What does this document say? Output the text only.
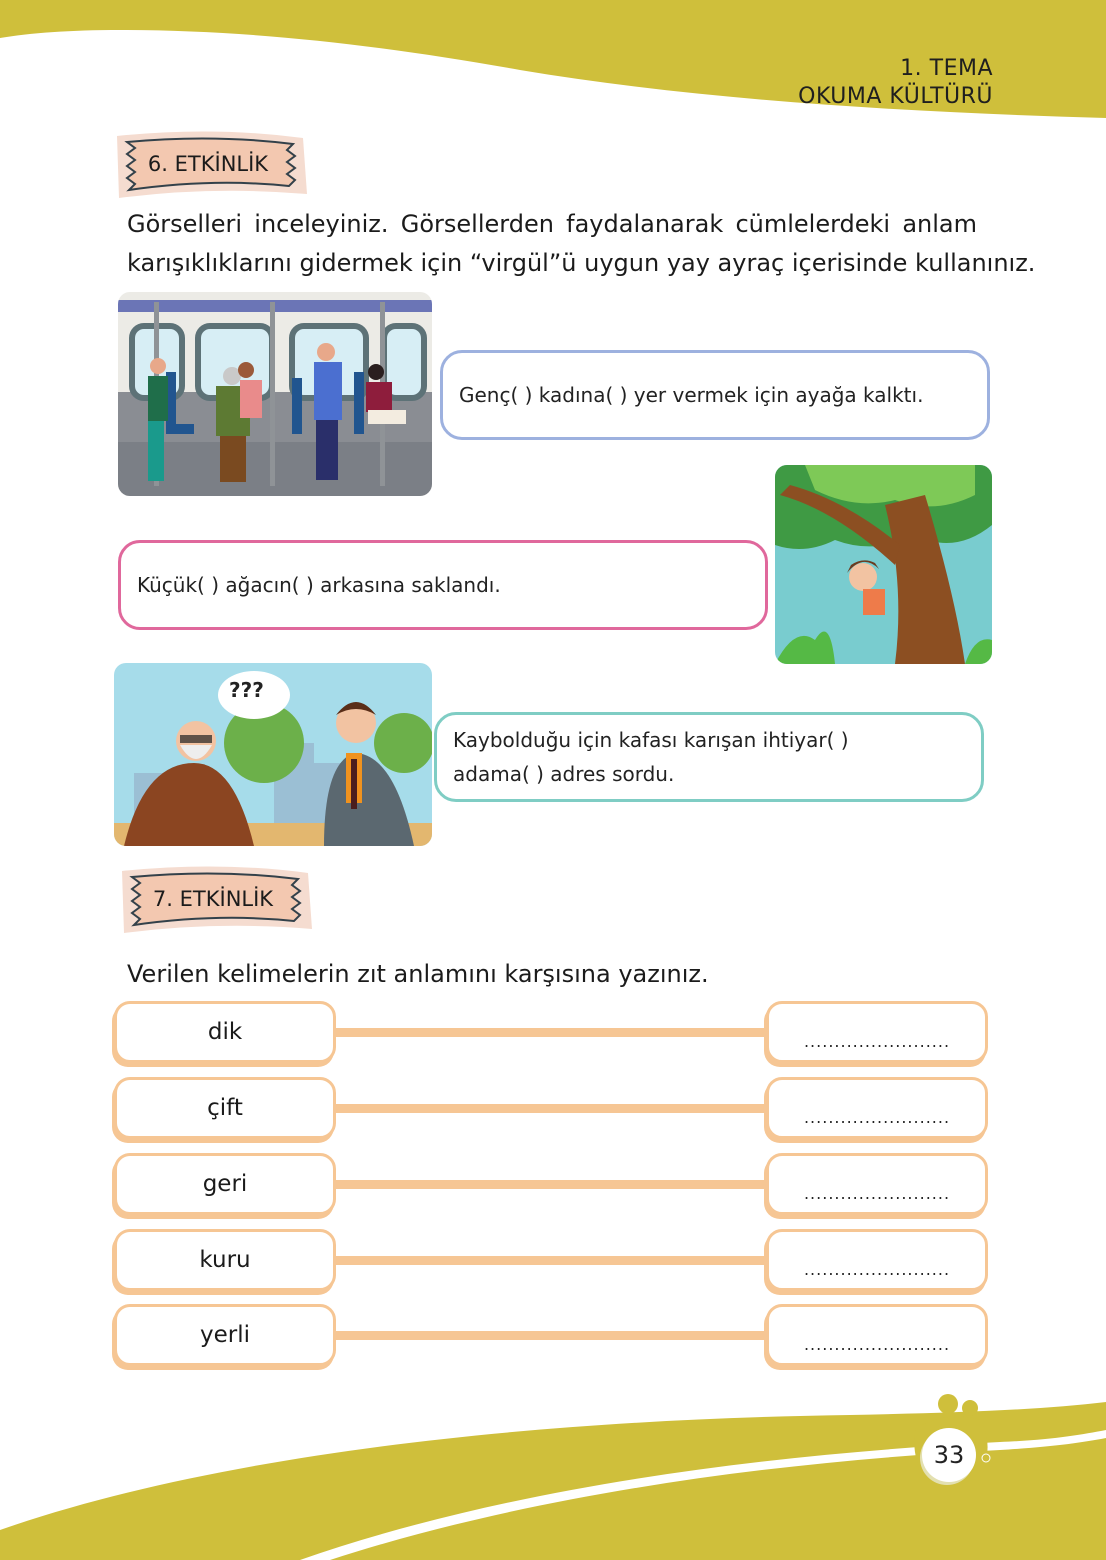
1. TEMA
OKUMA KÜLTÜRÜ
6. ETKİNLİK
Görselleri inceleyiniz. Görsellerden faydalanarak cümlelerdeki anlam
karışıklıklarını gidermek için “virgül”ü uygun yay ayraç içerisinde kullanınız.
Genç( ) kadına( ) yer vermek için ayağa kalktı.
Küçük( ) ağacın( ) arkasına saklandı.
???
Kaybolduğu için kafası karışan ihtiyar( )
adama( ) adres sordu.
7. ETKİNLİK
Verilen kelimelerin zıt anlamını karşısına yazınız.
dik	........................
çift	........................
geri	........................
kuru	........................
yerli	........................
33
